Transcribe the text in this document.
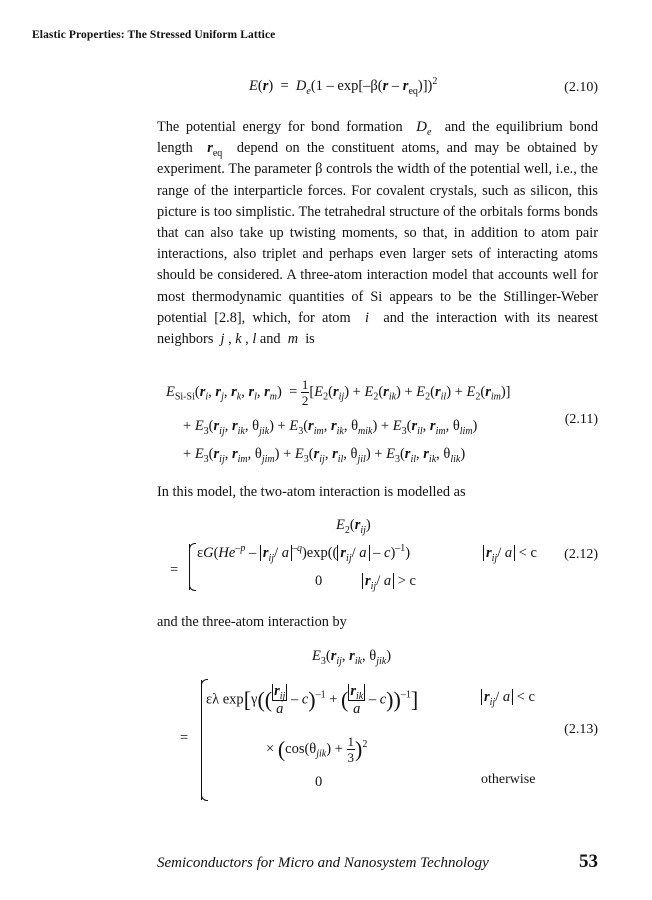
Elastic Properties: The Stressed Uniform Lattice
$E(r) = D_e(1 - \exp[-\beta(r - r_{eq})])^2$	(2.10)

The potential energy for bond formation  $D_e$ and the equilibrium bond length  $r_{eq}$ depend on the constituent atoms, and may be obtained by experiment. The parameter β controls the width of the potential well, i.e., the range of the interparticle forces. For covalent crystals, such as silicon, this picture is too simplistic. The tetrahedral structure of the orbitals forms bonds that can also take up twisting moments, so that, in addition to atom pair interactions, also triplet and perhaps even larger sets of interacting atoms should be considered. A three-atom interaction model that accounts well for most thermodynamic quantities of Si appears to be the Stillinger-Weber potential [2.8], which, for atom  i  and the interaction with its nearest neighbors  j , k , l and  m  is

$E_{Si-Si}(r_i$, $r_j$, $r_k$, $r_l$, $r_m) = \frac{1}{2} [E_2(r_{ij}) + E_2(r_{ik}) + E_2(r_{il}) + E_2(r_{im})]$
+ $E_3(r_{ij}$, $r_{ik}$, $\theta_{jik}) + E_3(r_{im}$, $r_{ik}$, $\theta_{mik}) + E_3(r_{il}$, $r_{im}$, $\theta_{lim}$)	(2.11)
+ $E_3(r_{ij}$, $r_{im}$, $\theta_{jim}) + E_3(r_{ij}$, $r_{il}$, $\theta_{jil}) + E_3(r_{il}$, $r_{ik}$, $\theta_{lik}$)
In this model, the two-atom interaction is modelled as
$E_2(r_{ij})$
=
$\varepsilon G(He^{-p} - r_{ij}/$ a $^{-q}$)exp(( $r_{ij}/$ a – c)$^{-1}$)	$r_{ij}/$ a < c (2.12)
0	$r_{ij}/$ a > c
and the three-atom interaction by
$E_3(r_{ij}$, $r_{ik}$, $\theta_{jik}$)
=
ελ $\exp[\gamma(( \frac{r_{ij}}{a} - c)^{-1}$ + ( $\frac{r_{ik}}{a} - c))^{-1}$]	$r_{ij}/$ a < c
(2.13)
× $(\cos(\theta_{jik}) + \frac{1}{3} )^2$
0	otherwise
Semiconductors for Micro and Nanosystem Technology	53
